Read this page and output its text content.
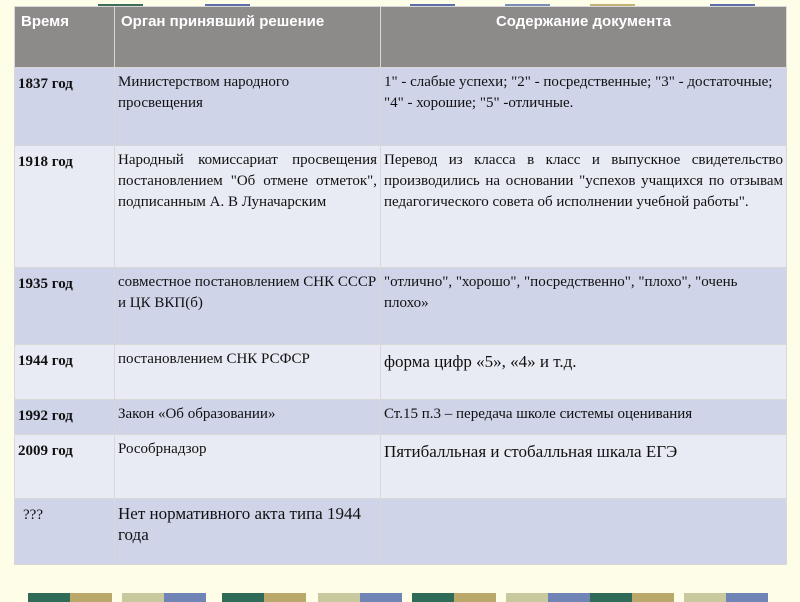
Время	Орган принявший решение	Содержание документа
1837 год	Министерством народного просвещения	1" - слабые успехи; "2" - посредственные; "3" - достаточные; "4" - хорошие; "5" -отличные.
1918 год	Народный комиссариат просвещения постановлением "Об отмене отметок", подписанным А. В Луначарским	Перевод из класса в класс и выпускное свидетельство производились на основании "успехов учащихся по отзывам педагогического совета об исполнении учебной работы".
1935 год	совместное постановлением СНК СССР и ЦК ВКП(б)	"отлично", "хорошо", "посредственно", "плохо", "очень плохо»
1944 год	постановлением СНК РСФСР	форма цифр «5», «4» и т.д.
1992 год	Закон «Об образовании»	Ст.15 п.3 – передача школе системы оценивания
2009 год	Рособрнадзор	Пятибалльная и стобалльная шкала ЕГЭ
???	Нет нормативного акта типа 1944 года	
